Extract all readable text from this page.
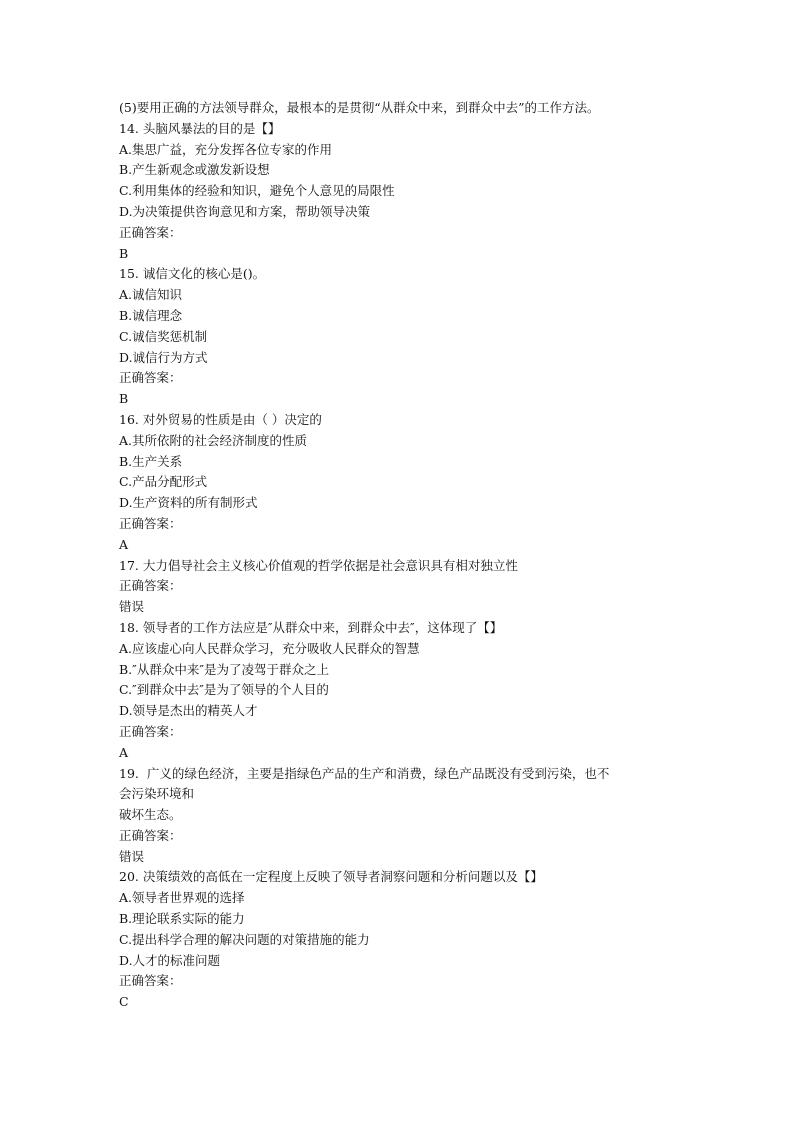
(5)要用正确的方法领导群众，最根本的是贯彻“从群众中来，到群众中去”的工作方法。
14. 头脑风暴法的目的是【】
A.集思广益，充分发挥各位专家的作用
B.产生新观念或激发新设想
C.利用集体的经验和知识，避免个人意见的局限性
D.为决策提供咨询意见和方案，帮助领导决策
正确答案：
B
15. 诚信文化的核心是()。
A.诚信知识
B.诚信理念
C.诚信奖惩机制
D.诚信行为方式
正确答案：
B
16. 对外贸易的性质是由（ ）决定的
A.其所依附的社会经济制度的性质
B.生产关系
C.产品分配形式
D.生产资料的所有制形式
正确答案：
A
17. 大力倡导社会主义核心价值观的哲学依据是社会意识具有相对独立性
正确答案：
错误
18. 领导者的工作方法应是″从群众中来，到群众中去″，这体现了【】
A.应该虚心向人民群众学习，充分吸收人民群众的智慧
B.″从群众中来″是为了凌驾于群众之上
C.″到群众中去″是为了领导的个人目的
D.领导是杰出的精英人才
正确答案：
A
19.  广义的绿色经济，主要是指绿色产品的生产和消费，绿色产品既没有受到污染，也不
会污染环境和
破坏生态。
正确答案：
错误
20. 决策绩效的高低在一定程度上反映了领导者洞察问题和分析问题以及【】
A.领导者世界观的选择
B.理论联系实际的能力
C.提出科学合理的解决问题的对策措施的能力
D.人才的标准问题
正确答案：
C
